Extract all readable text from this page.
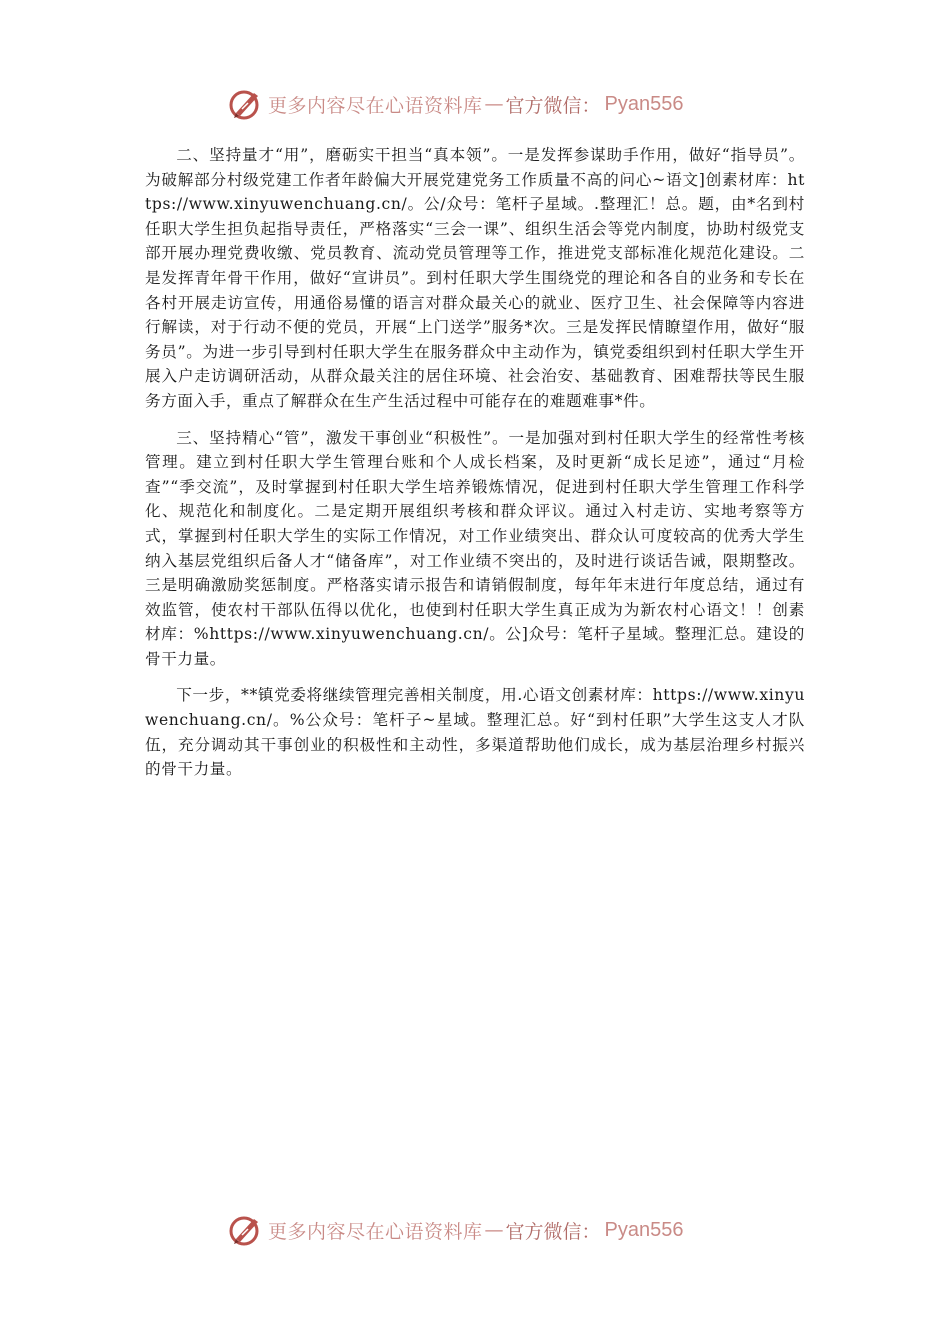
更多内容尽在心语资料库 — 官方微信： Pyan556

二、坚持量才“用”，磨砺实干担当“真本领”。一是发挥参谋助手作用，做好“指导员”。为破解部分村级党建工作者年龄偏大开展党建党务工作质量不高的问心~语文]创素材库：https://www.xinyuwenchuang.cn/。公/众号：笔杆子星域。.整理汇！总。题，由*名到村任职大学生担负起指导责任，严格落实“三会一课”、组织生活会等党内制度，协助村级党支部开展办理党费收缴、党员教育、流动党员管理等工作，推进党支部标准化规范化建设。二是发挥青年骨干作用，做好“宣讲员”。到村任职大学生围绕党的理论和各自的业务和专长在各村开展走访宣传，用通俗易懂的语言对群众最关心的就业、医疗卫生、社会保障等内容进行解读，对于行动不便的党员，开展“上门送学”服务*次。三是发挥民情瞭望作用，做好“服务员”。为进一步引导到村任职大学生在服务群众中主动作为，镇党委组织到村任职大学生开展入户走访调研活动，从群众最关注的居住环境、社会治安、基础教育、困难帮扶等民生服务方面入手，重点了解群众在生产生活过程中可能存在的难题难事*件。

三、坚持精心“管”，激发干事创业“积极性”。一是加强对到村任职大学生的经常性考核管理。建立到村任职大学生管理台账和个人成长档案，及时更新“成长足迹”，通过“月检查”“季交流”，及时掌握到村任职大学生培养锻炼情况，促进到村任职大学生管理工作科学化、规范化和制度化。二是定期开展组织考核和群众评议。通过入村走访、实地考察等方式，掌握到村任职大学生的实际工作情况，对工作业绩突出、群众认可度较高的优秀大学生纳入基层党组织后备人才“储备库”，对工作业绩不突出的，及时进行谈话告诫，限期整改。三是明确激励奖惩制度。严格落实请示报告和请销假制度，每年年末进行年度总结，通过有效监管，使农村干部队伍得以优化，也使到村任职大学生真正成为为新农村心语文！！创素材库：%https://www.xinyuwenchuang.cn/。公]众号：笔杆子星域。整理汇总。建设的骨干力量。

下一步，**镇党委将继续管理完善相关制度，用.心语文创素材库：https://www.xinyuwenchuang.cn/。%公众号：笔杆子~星域。整理汇总。好“到村任职”大学生这支人才队伍，充分调动其干事创业的积极性和主动性，多渠道帮助他们成长，成为基层治理乡村振兴的骨干力量。

更多内容尽在心语资料库 — 官方微信： Pyan556
